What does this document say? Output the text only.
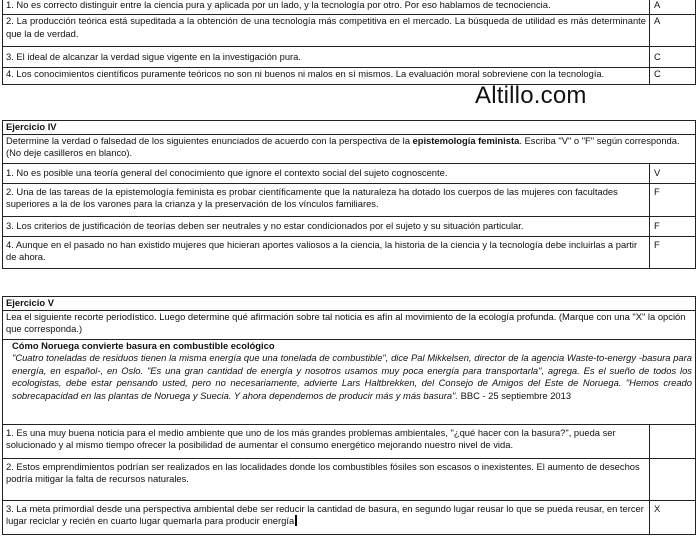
1. No es correcto distinguir entre la ciencia pura y aplicada por un lado, y la tecnología por otro. Por eso hablamos de tecnociencia.	A
2. La producción teórica está supeditada a la obtención de una tecnología más competitiva en el mercado. La búsqueda de utilidad es más determinante que la de verdad.	A
3. El ideal de alcanzar la verdad sigue vigente en la investigación pura.	C
4. Los conocimientos científicos puramente teóricos no son ni buenos ni malos en sí mismos. La evaluación moral sobreviene con la tecnología.	C
Altillo.com
Ejercicio IV	
Determine la verdad o falsedad de los siguientes enunciados de acuerdo con la perspectiva de la epistemología feminista. Escriba "V" o "F" según corresponda. (No deje casilleros en blanco).	
1. No es posible una teoría general del conocimiento que ignore el contexto social del sujeto cognoscente.	V
2. Una de las tareas de la epistemología feminista es probar científicamente que la naturaleza ha dotado los cuerpos de las mujeres con facultades superiores a la de los varones para la crianza y la preservación de los vínculos familiares.	F
3. Los criterios de justificación de teorías deben ser neutrales y no estar condicionados por el sujeto y su situación particular.	F
4. Aunque en el pasado no han existido mujeres que hicieran aportes valiosos a la ciencia, la historia de la ciencia y la tecnología debe incluirlas a partir de ahora.	F
Ejercicio V	
Lea el siguiente recorte periodístico. Luego determine qué afirmación sobre tal noticia es afín al movimiento de la ecología profunda. (Marque con una "X" la opción que corresponda.)	

Cómo Noruega convierte basura en combustible ecológico
"Cuatro toneladas de residuos tienen la misma energía que una tonelada de combustible", dice Pal Mikkelsen, director de la agencia Waste-to-energy -basura para energía, en español-, en Oslo. "Es una gran cantidad de energía y nosotros usamos muy poca energía para transportarla", agrega. Es el sueño de todos los ecologistas, debe estar pensando usted, pero no necesariamente, advierte Lars Haltbrekken, del Consejo de Amigos del Este de Noruega. "Hemos creado sobrecapacidad en las plantas de Noruega y Suecia. Y ahora dependemos de producir más y más basura". BBC - 25 septiembre 2013	

1. Es una muy buena noticia para el medio ambiente que uno de los más grandes problemas ambientales, "¿qué hacer con la basura?", pueda ser solucionado y al mismo tiempo ofrecer la posibilidad de aumentar el consumo energético mejorando nuestro nivel de vida.	
2. Estos emprendimientos podrían ser realizados en las localidades donde los combustibles fósiles son escasos o inexistentes. El aumento de desechos podría mitigar la falta de recursos naturales.	
3. La meta primordial desde una perspectiva ambiental debe ser reducir la cantidad de basura, en segundo lugar reusar lo que se pueda reusar, en tercer lugar reciclar y recién en cuarto lugar quemarla para producir energía	X
